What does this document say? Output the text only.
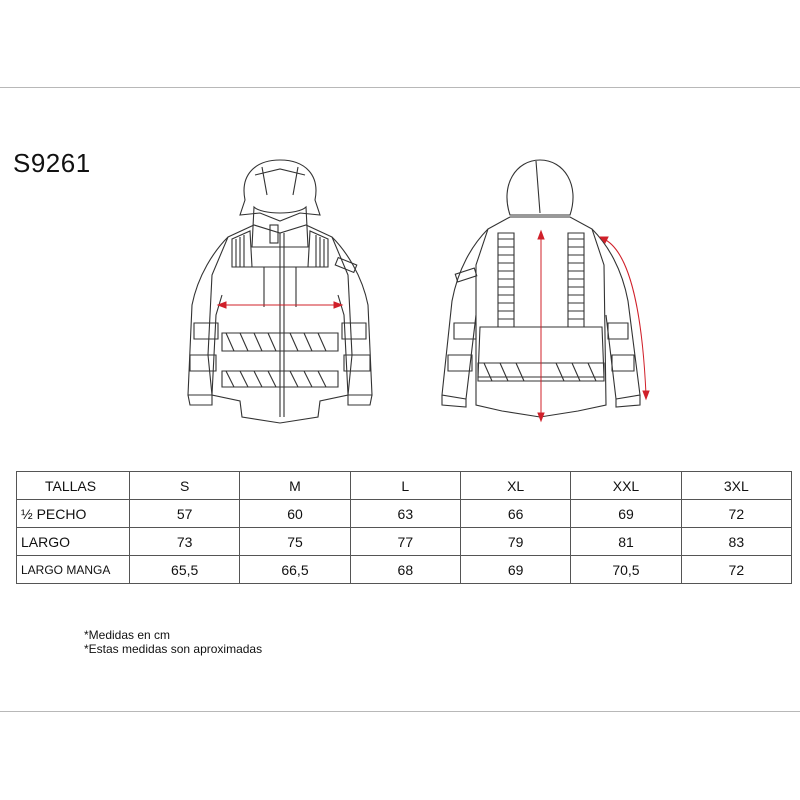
S9261
TALLAS	S	M	L	XL	XXL	3XL
½ PECHO	57	60	63	66	69	72
LARGO	73	75	77	79	81	83
LARGO MANGA	65,5	66,5	68	69	70,5	72
*Medidas en cm
*Estas medidas son aproximadas
